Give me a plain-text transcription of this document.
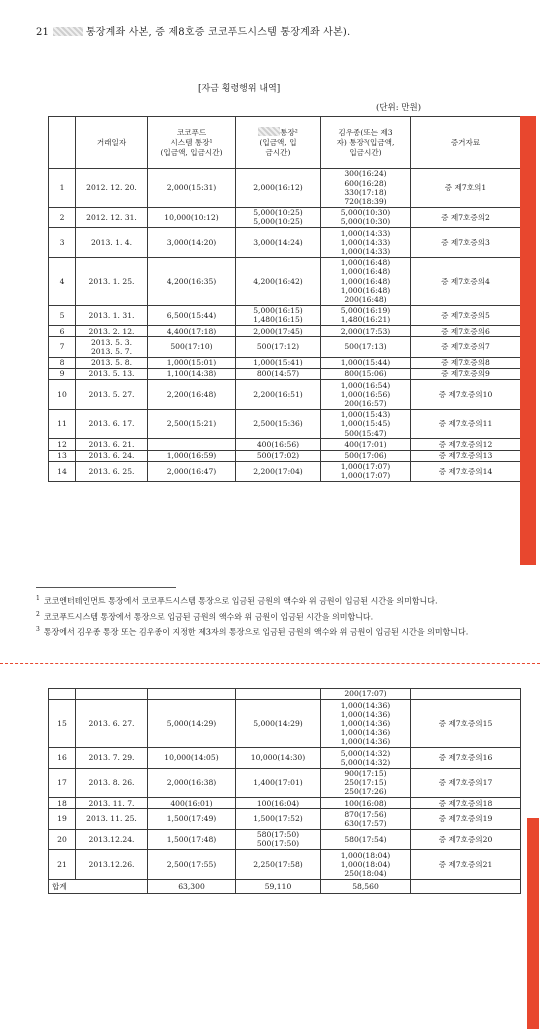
21	통장계좌 사본, 증 제8호증 코코푸드시스템 통장계좌 사본).
[자금 횡령행위 내역]
(단위: 만원)
	거래일자	코코푸드
시스템 통장¹
(입금액, 입금시간)	통장²
(입금액, 입
금시간)	김우종(또는 제3
자) 통장³(입금액,
입금시간)	증거자료
1	2012. 12. 20.	2,000(15:31)	2,000(16:12)	300(16:24)
600(16:28)
330(17:18)
720(18:39)	증 제7호의1
2	2012. 12. 31.	10,000(10:12)	5,000(10:25)
5,000(10:25)	5,000(10:30)
5,000(10:30)	증 제7호증의2
3	2013. 1. 4.	3,000(14:20)	3,000(14:24)	1,000(14:33)
1,000(14:33)
1,000(14:33)	증 제7호증의3
4	2013. 1. 25.	4,200(16:35)	4,200(16:42)	1,000(16:48)
1,000(16:48)
1,000(16:48)
1,000(16:48)
200(16:48)	증 제7호증의4
5	2013. 1. 31.	6,500(15:44)	5,000(16:15)
1,480(16:15)	5,000(16:19)
1,480(16:21)	증 제7호증의5
6	2013. 2. 12.	4,400(17:18)	2,000(17:45)	2,000(17:53)	증 제7호증의6
7	2013. 5. 3.
2013. 5. 7.	500(17:10)	500(17:12)	500(17:13)	증 제7호증의7
8	2013. 5. 8.	1,000(15:01)	1,000(15:41)	1,000(15:44)	증 제7호증의8
9	2013. 5. 13.	1,100(14:38)	800(14:57)	800(15:06)	증 제7호증의9
10	2013. 5. 27.	2,200(16:48)	2,200(16:51)	1,000(16:54)
1,000(16:56)
200(16:57)	증 제7호증의10
11	2013. 6. 17.	2,500(15:21)	2,500(15:36)	1,000(15:43)
1,000(15:45)
500(15:47)	증 제7호증의11
12	2013. 6. 21.		400(16:56)	400(17:01)	증 제7호증의12
13	2013. 6. 24.	1,000(16:59)	500(17:02)	500(17:06)	증 제7호증의13
14	2013. 6. 25.	2,000(16:47)	2,200(17:04)	1,000(17:07)
1,000(17:07)	증 제7호증의14
$^1$ 코코엔터테인먼트 통장에서 코코푸드시스템 통장으로 입금된 금원의 액수와 위 금원이 입금된 시간을 의미합니다.
$^2$ 코코푸드시스템 통장에서 통장으로 입금된 금원의 액수와 위 금원이 입금된 시간을 의미합니다.
$^3$ 통장에서 김우종 통장 또는 김우종이 지정한 제3자의 통장으로 입금된 금원의 액수와 위 금원이 입금된 시간을 의미합니다.

				200(17:07)	

15	2013. 6. 27.	5,000(14:29)	5,000(14:29)	1,000(14:36)
1,000(14:36)
1,000(14:36)
1,000(14:36)
1,000(14:36)	증 제7호증의15
16	2013. 7. 29.	10,000(14:05)	10,000(14:30)	5,000(14:32)
5,000(14:32)	증 제7호증의16
17	2013. 8. 26.	2,000(16:38)	1,400(17:01)	900(17:15)
250(17:15)
250(17:26)	증 제7호증의17
18	2013. 11. 7.	400(16:01)	100(16:04)	100(16:08)	증 제7호증의18
19	2013. 11. 25.	1,500(17:49)	1,500(17:52)	870(17:56)
630(17:57)	증 제7호증의19
20	2013.12.24.	1,500(17:48)	580(17:50)
500(17:50)	580(17:54)	증 제7호증의20
21	2013.12.26.	2,500(17:55)	2,250(17:58)	1,000(18:04)
1,000(18:04)
250(18:04)	증 제7호증의21
합계		63,300	59,110	58,560	
